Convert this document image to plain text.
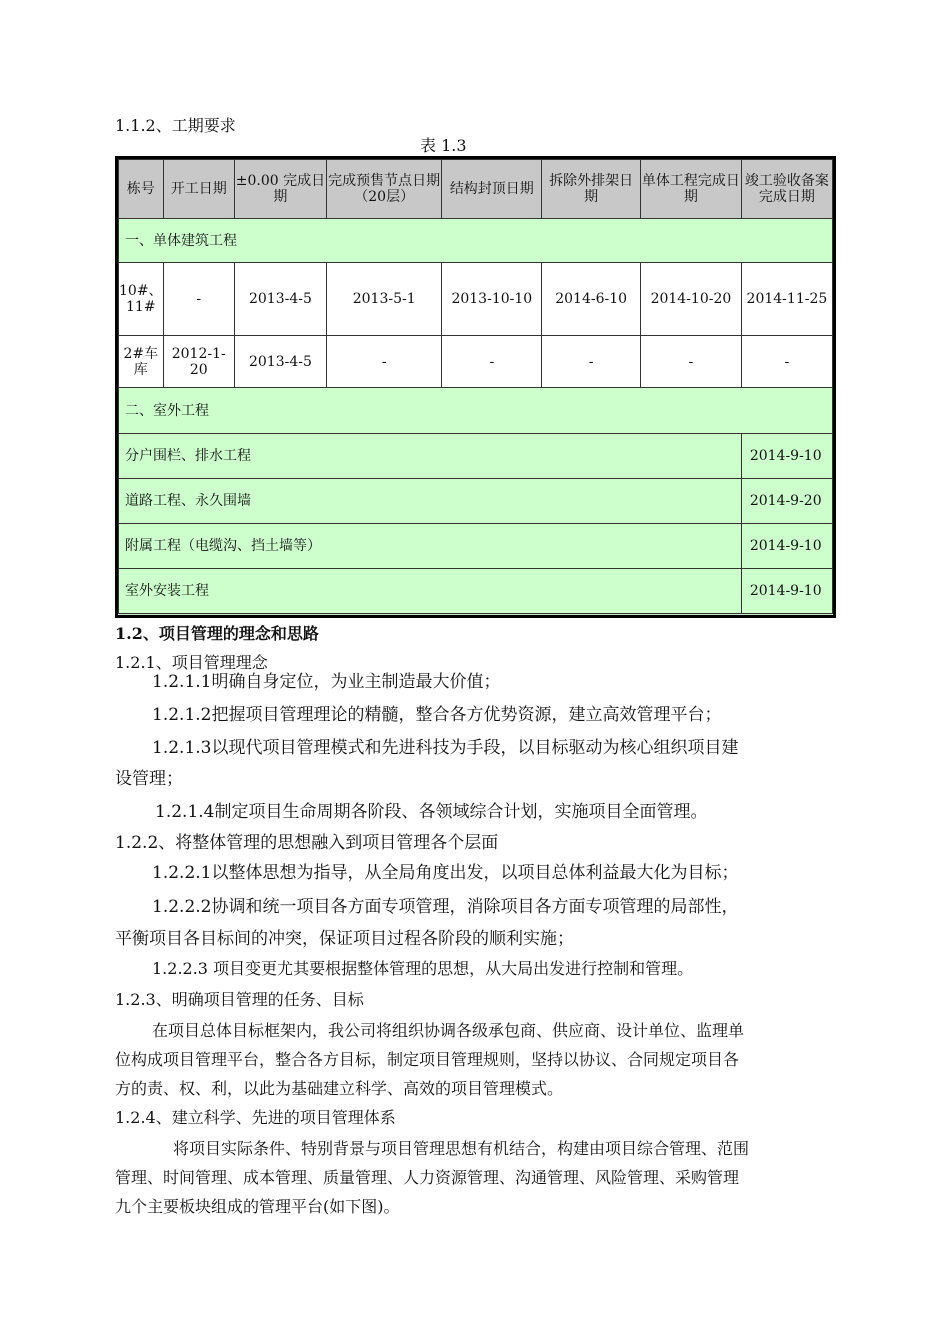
1.1.2、工期要求
表 1.3
栋号	开工日期	±0.00 完成日期	完成预售节点日期（20层）	结构封顶日期	拆除外排架日期	单体工程完成日期	竣工验收备案完成日期
一、单体建筑工程							
10#、11#	-	2013-4-5	2013-5-1	2013-10-10	2014-6-10	2014-10-20	2014-11-25
2#车库	2012-1-20	2013-4-5	-	-	-	-	-
二、室外工程							
分户围栏、排水工程							2014-9-10
道路工程、永久围墙							2014-9-20
附属工程（电缆沟、挡土墙等）							2014-9-10
室外安装工程							2014-9-10
1.2、项目管理的理念和思路
1.2.1、项目管理理念
1.2.1.1明确自身定位，为业主制造最大价值；
1.2.1.2把握项目管理理论的精髓，整合各方优势资源，建立高效管理平台；
1.2.1.3以现代项目管理模式和先进科技为手段，以目标驱动为核心组织项目建
设管理；
1.2.1.4制定项目生命周期各阶段、各领域综合计划，实施项目全面管理。
1.2.2、将整体管理的思想融入到项目管理各个层面
1.2.2.1以整体思想为指导，从全局角度出发，以项目总体利益最大化为目标；
1.2.2.2协调和统一项目各方面专项管理，消除项目各方面专项管理的局部性，
平衡项目各目标间的冲突，保证项目过程各阶段的顺利实施；
1.2.2.3 项目变更尤其要根据整体管理的思想，从大局出发进行控制和管理。
1.2.3、明确项目管理的任务、目标
在项目总体目标框架内，我公司将组织协调各级承包商、供应商、设计单位、监理单
位构成项目管理平台，整合各方目标，制定项目管理规则，坚持以协议、合同规定项目各
方的责、权、利，以此为基础建立科学、高效的项目管理模式。
1.2.4、建立科学、先进的项目管理体系
将项目实际条件、特别背景与项目管理思想有机结合，构建由项目综合管理、范围
管理、时间管理、成本管理、质量管理、人力资源管理、沟通管理、风险管理、采购管理
九个主要板块组成的管理平台(如下图)。
